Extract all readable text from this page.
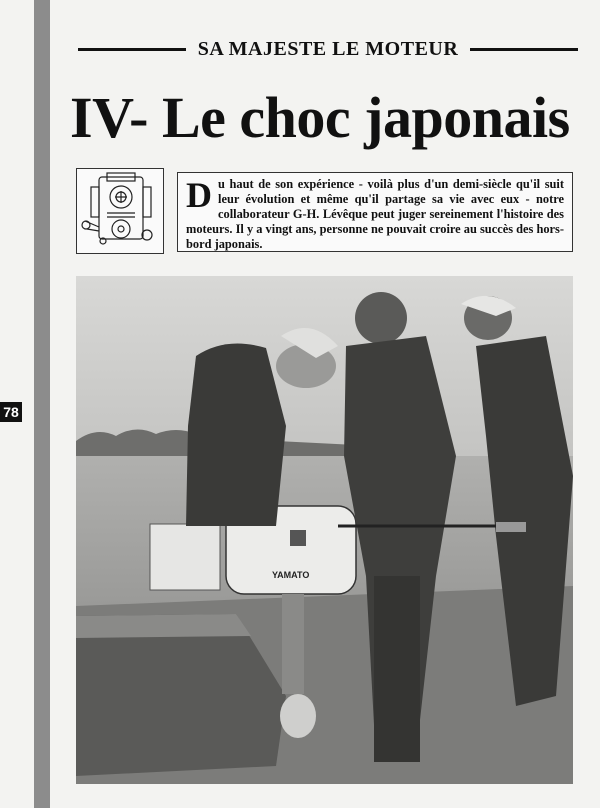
78
SA MAJESTE LE MOTEUR
IV- Le choc japonais
D u haut de son expérience - voilà plus d'un demi-siècle qu'il suit leur évolution et même qu'il partage sa vie avec eux - notre collaborateur G-H. Lévêque peut juger sereinement l'histoire des moteurs. Il y a vingt ans, personne ne pouvait croire au succès des hors-bord japonais.
YAMATO
